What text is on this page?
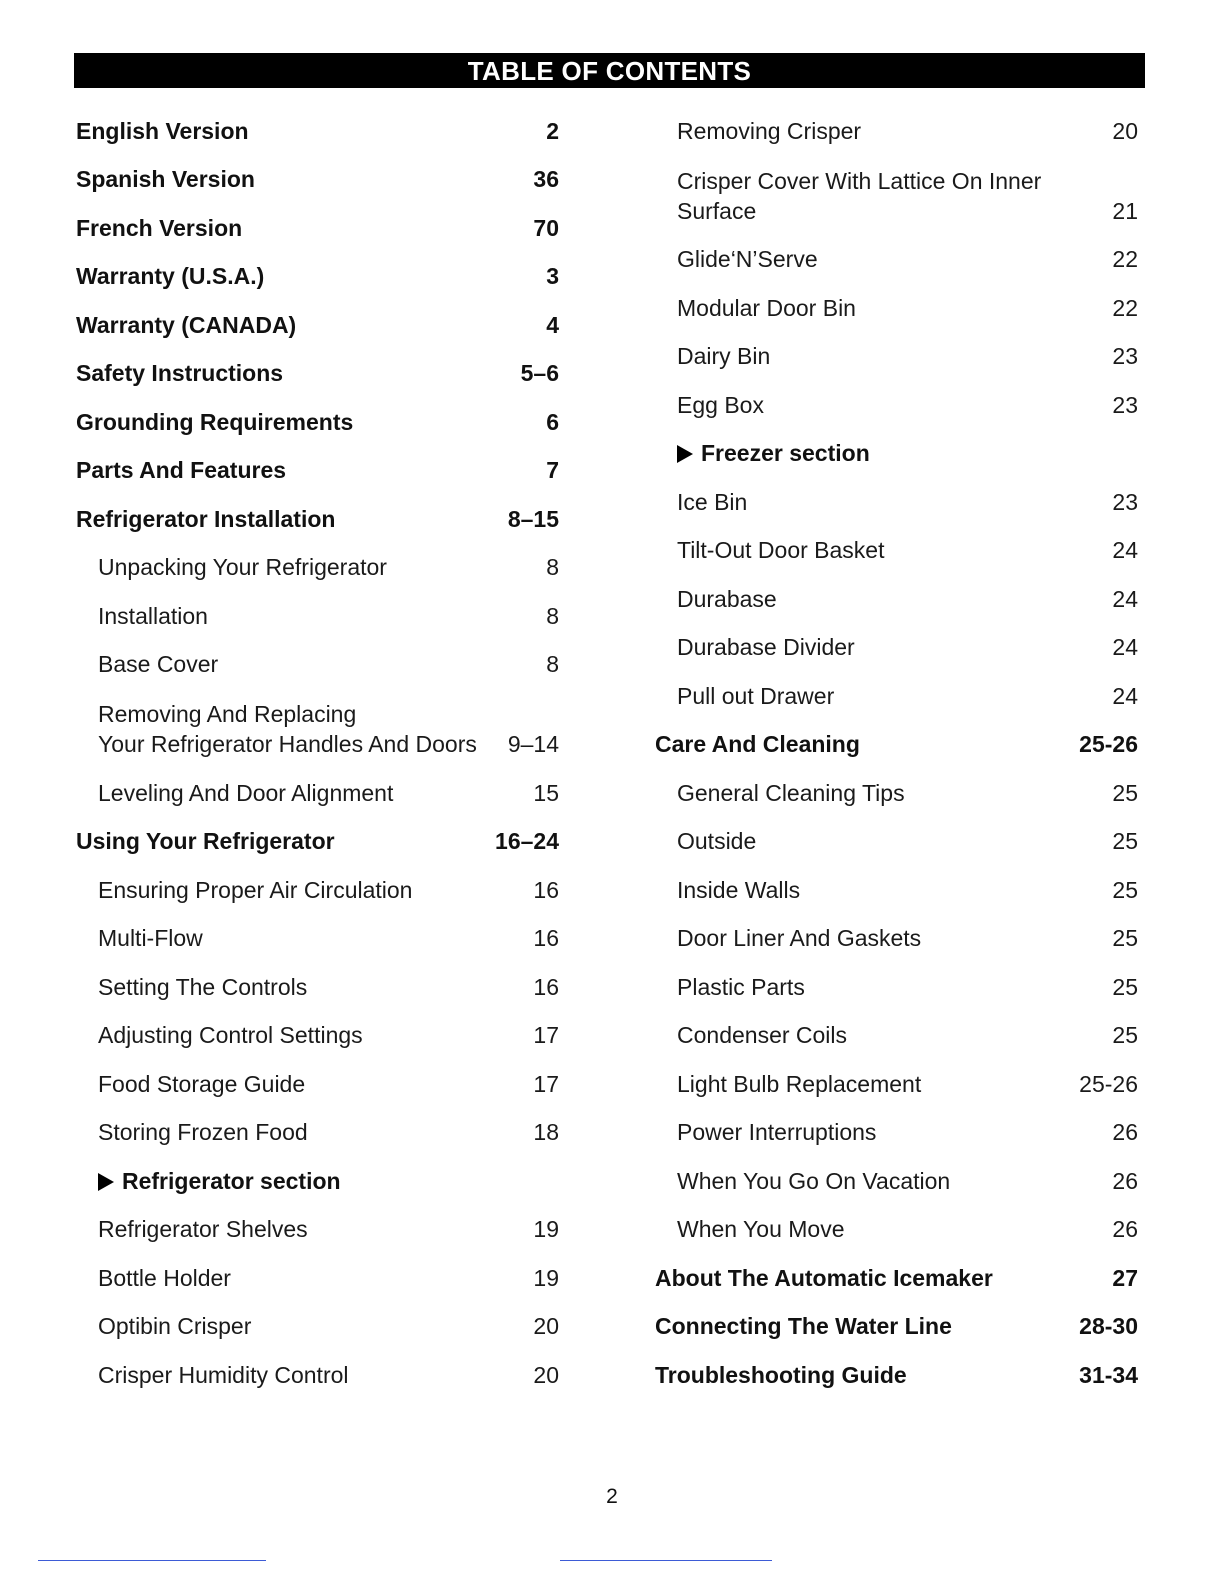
TABLE OF CONTENTS
English Version	2
Spanish Version	36
French Version	70
Warranty (U.S.A.)	3
Warranty (CANADA)	4
Safety Instructions	5–6
Grounding Requirements	6
Parts And Features	7
Refrigerator Installation	8–15
Unpacking Your Refrigerator	8
Installation	8
Base Cover	8
Removing And Replacing
Your Refrigerator Handles And Doors	9–14
Leveling And Door Alignment	15
Using Your Refrigerator	16–24
Ensuring Proper Air Circulation	16
Multi-Flow	16
Setting The Controls	16
Adjusting Control Settings	17
Food Storage Guide	17
Storing Frozen Food	18
Refrigerator section
Refrigerator Shelves	19
Bottle Holder	19
Optibin Crisper	20
Crisper Humidity Control	20
Removing Crisper	20
Crisper Cover With Lattice On Inner
Surface	21
Glide‘N’Serve	22
Modular Door Bin	22
Dairy Bin	23
Egg Box	23
Freezer section
Ice Bin	23
Tilt-Out Door Basket	24
Durabase	24
Durabase Divider	24
Pull out Drawer	24
Care And Cleaning	25-26
General Cleaning Tips	25
Outside	25
Inside Walls	25
Door Liner And Gaskets	25
Plastic Parts	25
Condenser Coils	25
Light Bulb Replacement	25-26
Power Interruptions	26
When You Go On Vacation	26
When You Move	26
About The Automatic Icemaker	27
Connecting The Water Line	28-30
Troubleshooting Guide	31-34
2
